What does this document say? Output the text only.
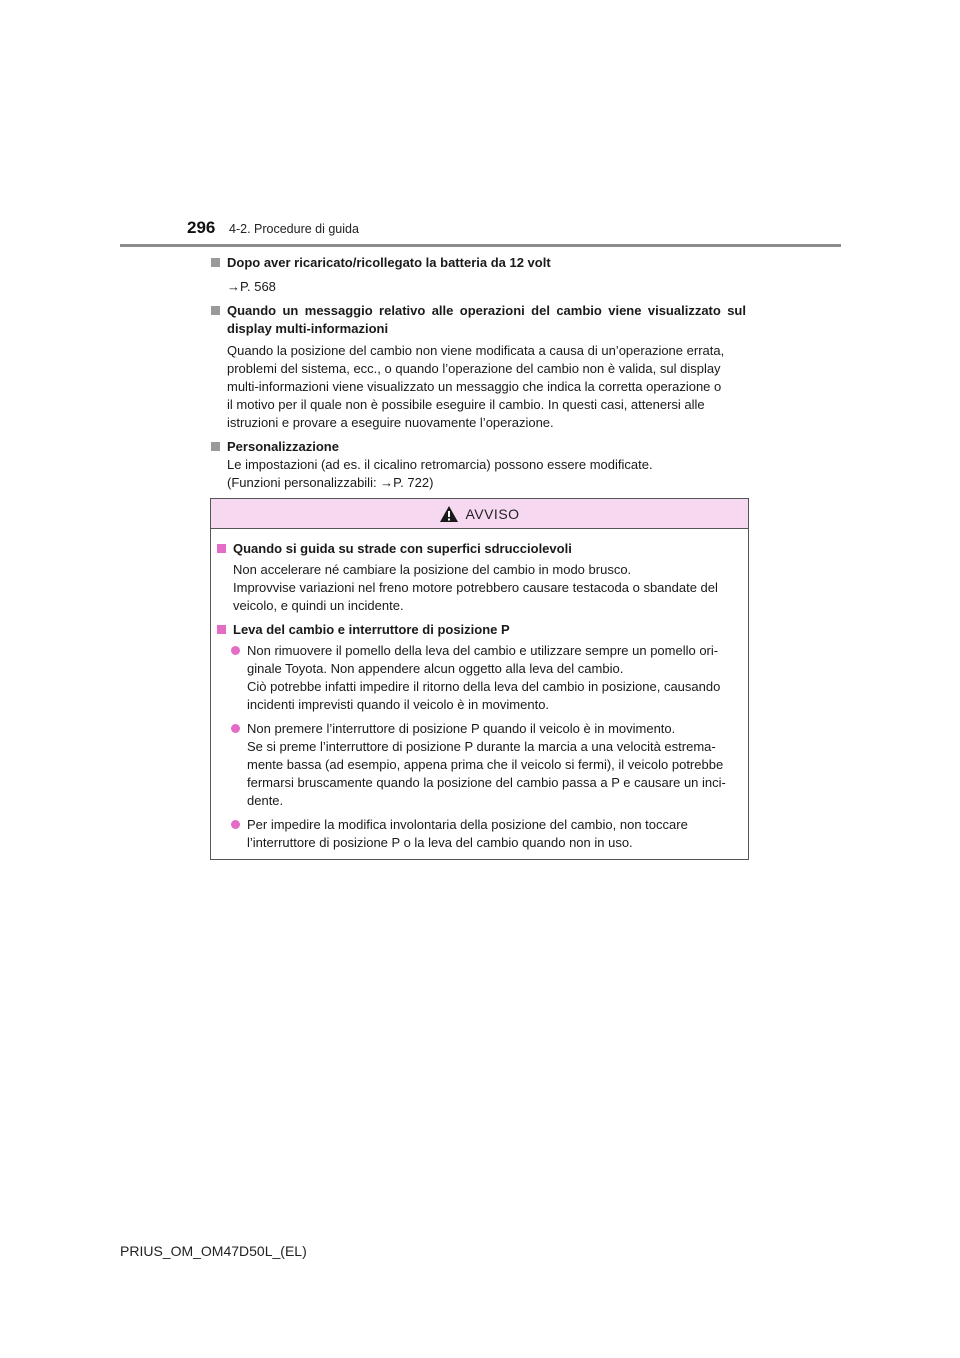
296 4-2. Procedure di guida
Dopo aver ricaricato/ricollegato la batteria da 12 volt
→P. 568
Quando un messaggio relativo alle operazioni del cambio viene visualizzato sul display multi-informazioni
Quando la posizione del cambio non viene modificata a causa di un’operazione errata,
problemi del sistema, ecc., o quando l’operazione del cambio non è valida, sul display
multi-informazioni viene visualizzato un messaggio che indica la corretta operazione o
il motivo per il quale non è possibile eseguire il cambio. In questi casi, attenersi alle
istruzioni e provare a eseguire nuovamente l’operazione.
Personalizzazione
Le impostazioni (ad es. il cicalino retromarcia) possono essere modificate.
(Funzioni personalizzabili: →P. 722)
AVVISO
Quando si guida su strade con superfici sdrucciolevoli
Non accelerare né cambiare la posizione del cambio in modo brusco.
Improvvise variazioni nel freno motore potrebbero causare testacoda o sbandate del
veicolo, e quindi un incidente.
Leva del cambio e interruttore di posizione P
Non rimuovere il pomello della leva del cambio e utilizzare sempre un pomello ori-
ginale Toyota. Non appendere alcun oggetto alla leva del cambio.
Ciò potrebbe infatti impedire il ritorno della leva del cambio in posizione, causando
incidenti imprevisti quando il veicolo è in movimento.
Non premere l’interruttore di posizione P quando il veicolo è in movimento.
Se si preme l’interruttore di posizione P durante la marcia a una velocità estrema-
mente bassa (ad esempio, appena prima che il veicolo si fermi), il veicolo potrebbe
fermarsi bruscamente quando la posizione del cambio passa a P e causare un inci-
dente.
Per impedire la modifica involontaria della posizione del cambio, non toccare
l’interruttore di posizione P o la leva del cambio quando non in uso.
PRIUS_OM_OM47D50L_(EL)
